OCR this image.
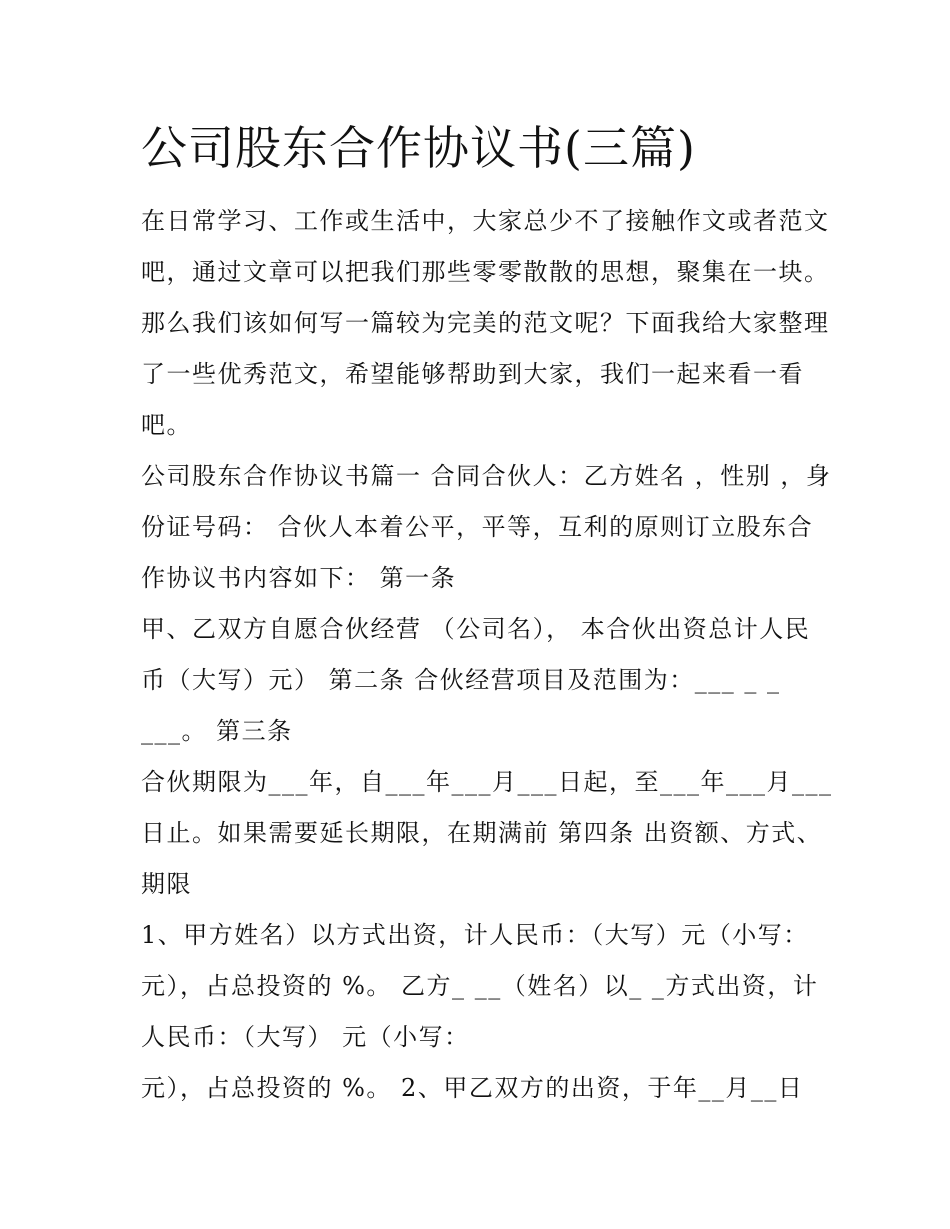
公司股东合作协议书(三篇)
在日常学习、工作或生活中，大家总少不了接触作文或者范文
吧，通过文章可以把我们那些零零散散的思想，聚集在一块。
那么我们该如何写一篇较为完美的范文呢？下面我给大家整理
了一些优秀范文，希望能够帮助到大家，我们一起来看一看
吧。
公司股东合作协议书篇一 合同合伙人：乙方姓名 ，性别 ，身
份证号码： 合伙人本着公平，平等，互利的原则订立股东合
作协议书内容如下： 第一条
甲、乙双方自愿合伙经营 （公司名）， 本合伙出资总计人民
币（大写）元） 第二条 合伙经营项目及范围为：___ _ _
___。 第三条
合伙期限为___年，自___年___月___日起，至___年___月___
日止。如果需要延长期限，在期满前 第四条 出资额、方式、
期限
1、甲方姓名）以方式出资，计人民币：（大写）元（小写：
元），占总投资的 %。 乙方_ __（姓名）以_ _方式出资，计
人民币：（大写） 元（小写：
元），占总投资的 %。 2、甲乙双方的出资，于年__月__日
